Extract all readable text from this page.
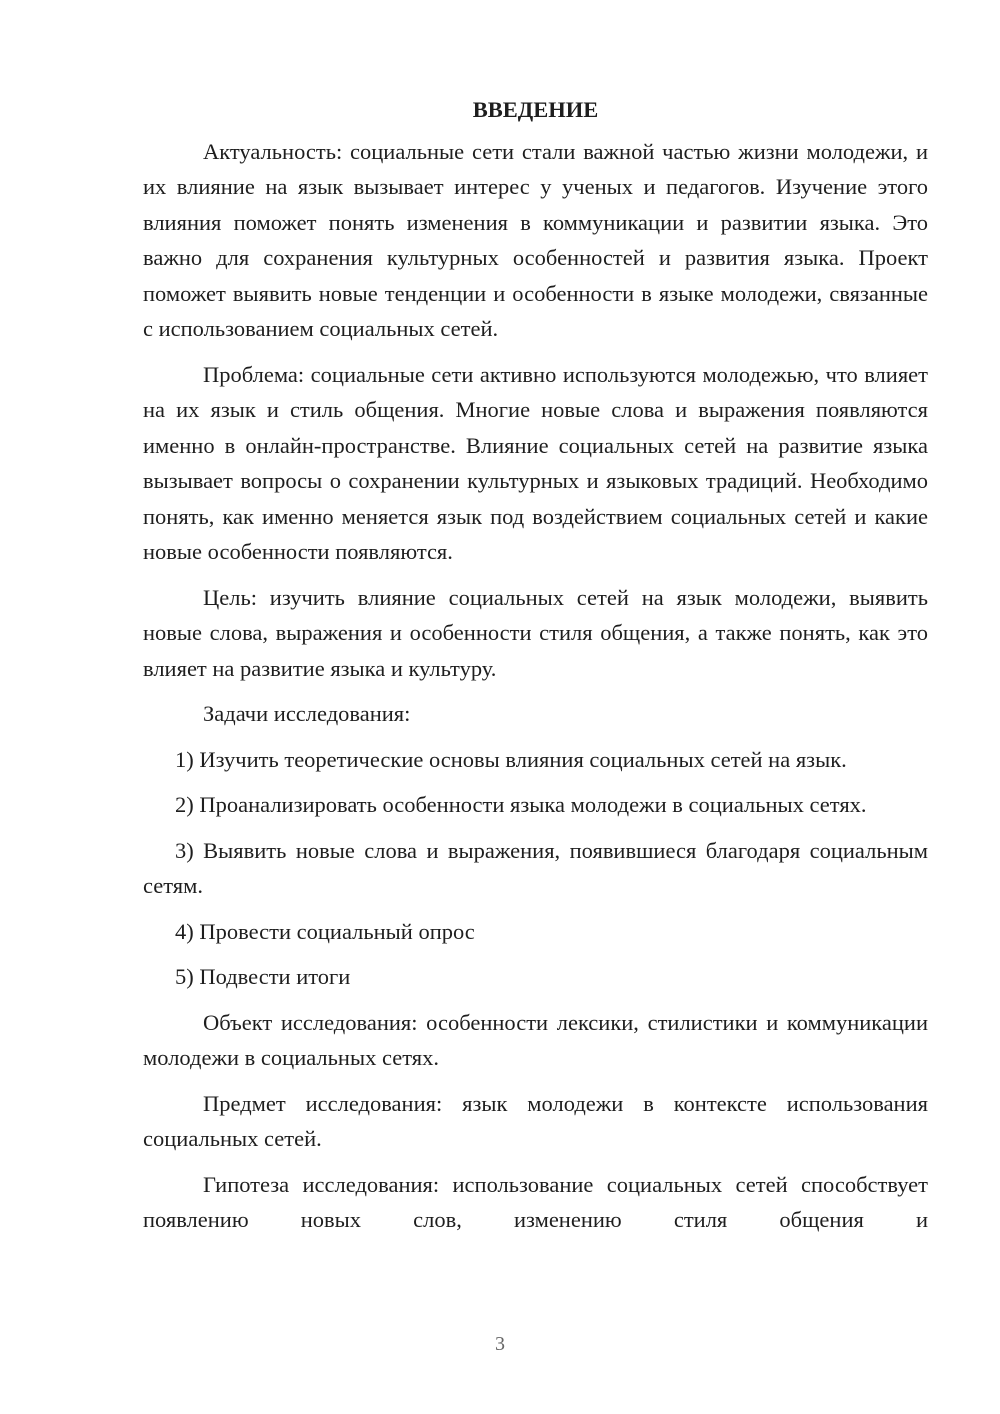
ВВЕДЕНИЕ

Актуальность: социальные сети стали важной частью жизни молодежи, и их влияние на язык вызывает интерес у ученых и педагогов. Изучение этого влияния поможет понять изменения в коммуникации и развитии языка. Это важно для сохранения культурных особенностей и развития языка. Проект поможет выявить новые тенденции и особенности в языке молодежи, связанные с использованием социальных сетей.

Проблема: социальные сети активно используются молодежью, что влияет на их язык и стиль общения. Многие новые слова и выражения появляются именно в онлайн-пространстве. Влияние социальных сетей на развитие языка вызывает вопросы о сохранении культурных и языковых традиций. Необходимо понять, как именно меняется язык под воздействием социальных сетей и какие новые особенности появляются.

Цель: изучить влияние социальных сетей на язык молодежи, выявить новые слова, выражения и особенности стиля общения, а также понять, как это влияет на развитие языка и культуру.

Задачи исследования:

1) Изучить теоретические основы влияния социальных сетей на язык.

2) Проанализировать особенности языка молодежи в социальных сетях.

3) Выявить новые слова и выражения, появившиеся благодаря социальным сетям.

4) Провести социальный опрос

5) Подвести итоги

Объект исследования: особенности лексики, стилистики и коммуникации молодежи в социальных сетях.

Предмет исследования: язык молодежи в контексте использования социальных сетей.

Гипотеза исследования: использование социальных сетей способствует появлению новых слов, изменению стиля общения и

3
